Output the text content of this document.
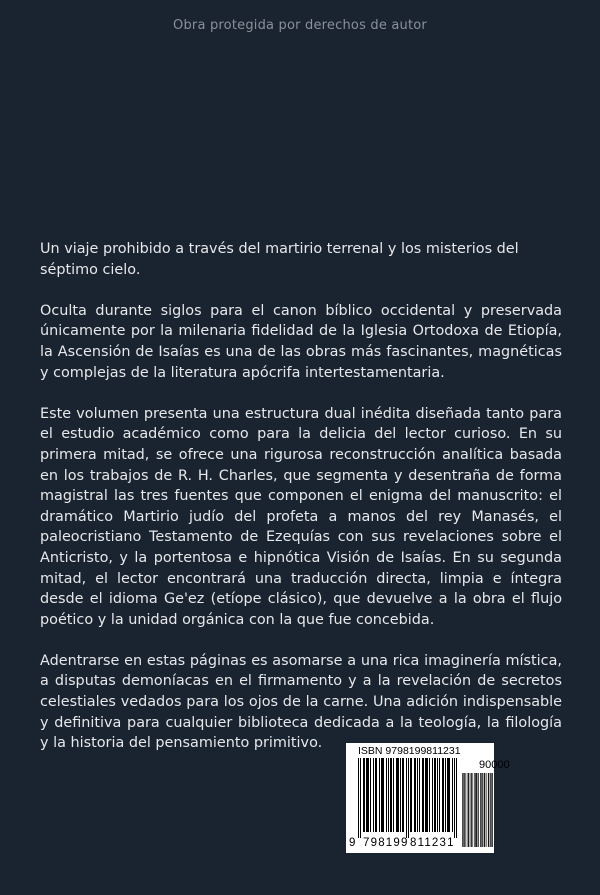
Obra protegida por derechos de autor

Un viaje prohibido a través del martirio terrenal y los misterios del séptimo cielo.

Oculta durante siglos para el canon bíblico occidental y preservada únicamente por la milenaria fidelidad de la Iglesia Ortodoxa de Etiopía, la Ascensión de Isaías es una de las obras más fascinantes, magnéticas y complejas de la literatura apócrifa intertestamentaria.

Este volumen presenta una estructura dual inédita diseñada tanto para el estudio académico como para la delicia del lector curioso. En su primera mitad, se ofrece una rigurosa reconstrucción analítica basada en los trabajos de R. H. Charles, que segmenta y desentraña de forma magistral las tres fuentes que componen el enigma del manuscrito: el dramático Martirio judío del profeta a manos del rey Manasés, el paleocristiano Testamento de Ezequías con sus revelaciones sobre el Anticristo, y la portentosa e hipnótica Visión de Isaías. En su segunda mitad, el lector encontrará una traducción directa, limpia e íntegra desde el idioma Ge'ez (etíope clásico), que devuelve a la obra el flujo poético y la unidad orgánica con la que fue concebida.

Adentrarse en estas páginas es asomarse a una rica imaginería mística, a disputas demoníacas en el firmamento y a la revelación de secretos celestiales vedados para los ojos de la carne. Una adición indispensable y definitiva para cualquier biblioteca dedicada a la teología, la filología y la historia del pensamiento primitivo.	ISBN 9798199811231
90000
9 798199 811231
